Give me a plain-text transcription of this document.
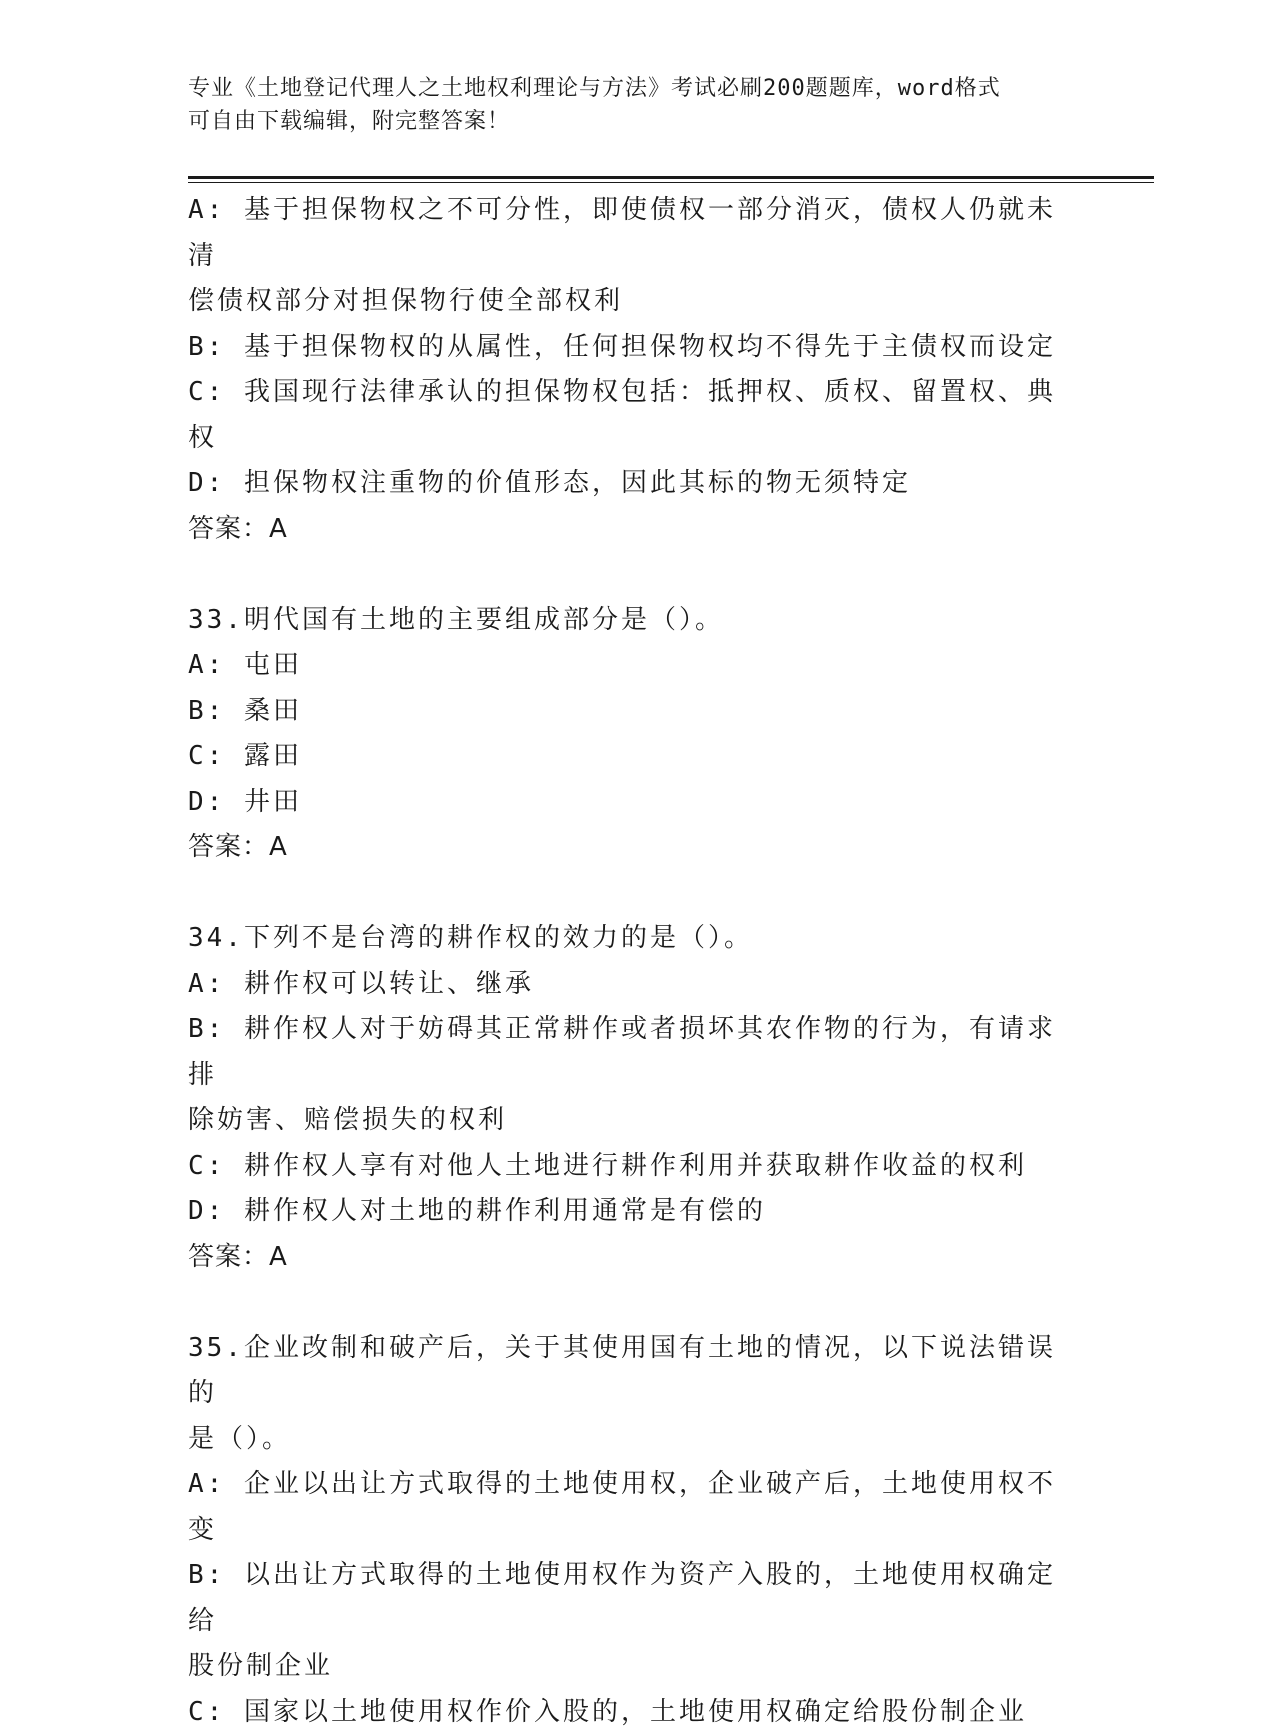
专业《土地登记代理人之土地权利理论与方法》考试必刷200题题库，word格式
可自由下载编辑，附完整答案！
A: 基于担保物权之不可分性，即使债权一部分消灭，债权人仍就未清
偿债权部分对担保物行使全部权利
B: 基于担保物权的从属性，任何担保物权均不得先于主债权而设定
C: 我国现行法律承认的担保物权包括：抵押权、质权、留置权、典权
D: 担保物权注重物的价值形态，因此其标的物无须特定
答案：A
33.明代国有土地的主要组成部分是（）。
A: 屯田
B: 桑田
C: 露田
D: 井田
答案：A
34.下列不是台湾的耕作权的效力的是（）。
A: 耕作权可以转让、继承
B: 耕作权人对于妨碍其正常耕作或者损坏其农作物的行为，有请求排
除妨害、赔偿损失的权利
C: 耕作权人享有对他人土地进行耕作利用并获取耕作收益的权利
D: 耕作权人对土地的耕作利用通常是有偿的
答案：A
35.企业改制和破产后，关于其使用国有土地的情况，以下说法错误的
是（）。
A: 企业以出让方式取得的土地使用权，企业破产后，土地使用权不变
B: 以出让方式取得的土地使用权作为资产入股的，土地使用权确定给
股份制企业
C: 国家以土地使用权作价入股的，土地使用权确定给股份制企业
